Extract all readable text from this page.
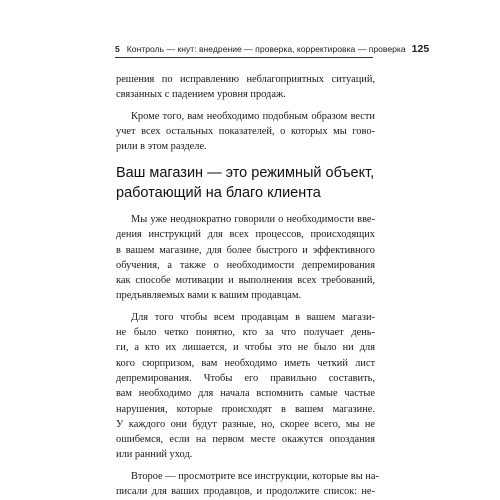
5 Контроль — кнут: внедрение — проверка, корректировка — проверка 125
решения по исправлению неблагоприятных ситуаций,
связанных с падением уровня продаж.
Кроме того, вам необходимо подобным образом вести
учет всех остальных показателей, о которых мы гово-
рили в этом разделе.
Ваш магазин — это режимный объект,
работающий на благо клиента
Мы уже неоднократно говорили о необходимости вве-
дения инструкций для всех процессов, происходящих
в вашем магазине, для более быстрого и эффективного
обучения, а также о необходимости депремирования
как способе мотивации и выполнения всех требований,
предъявляемых вами к вашим продавцам.
Для того чтобы всем продавцам в вашем магази-
не было четко понятно, кто за что получает день-
ги, а кто их лишается, и чтобы это не было ни для
кого сюрпризом, вам необходимо иметь четкий лист
депремирования. Чтобы его правильно составить,
вам необходимо для начала вспомнить самые частые
нарушения, которые происходят в вашем магазине.
У каждого они будут разные, но, скорее всего, мы не
ошибемся, если на первом месте окажутся опоздания
или ранний уход.
Второе — просмотрите все инструкции, которые вы на-
писали для ваших продавцов, и продолжите список: не-
